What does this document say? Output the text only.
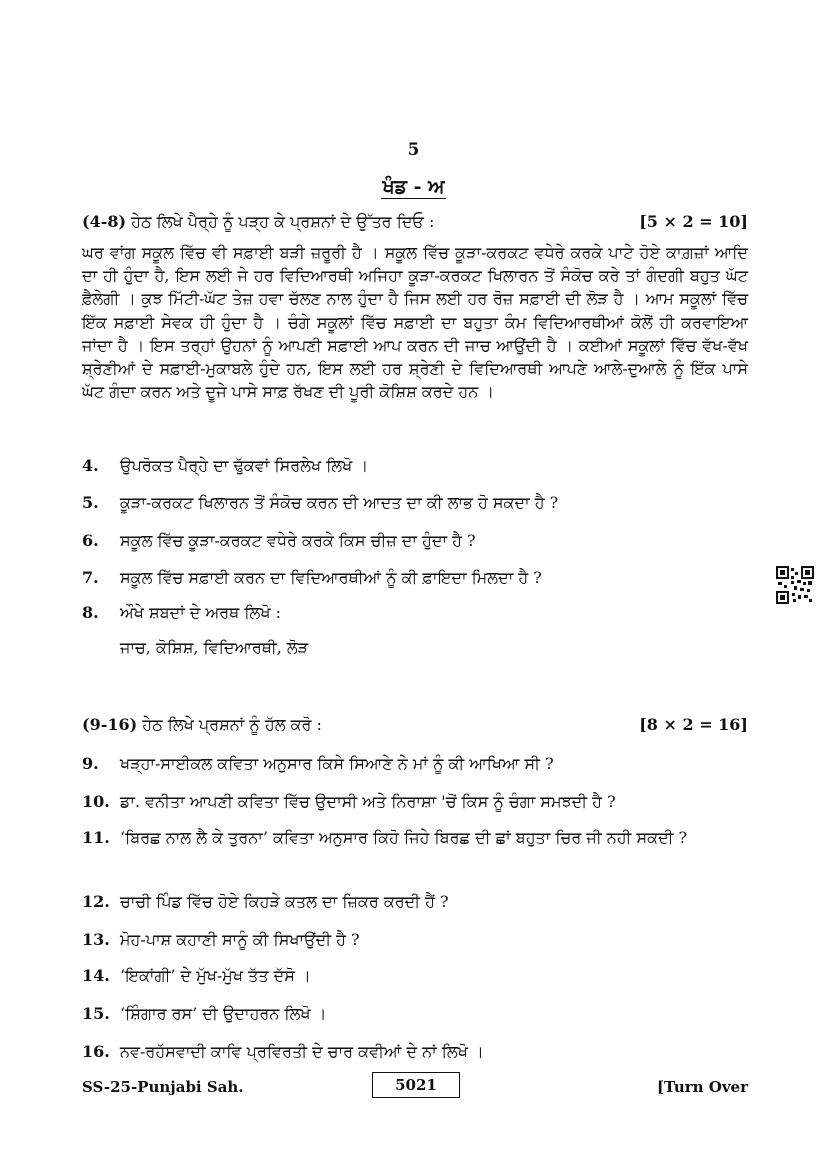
5
ਖੰਡ - ਅ
(4-8) ਹੇਠ ਲਿਖੇ ਪੈਰ੍ਹੇ ਨੂੰ ਪੜ੍ਹ ਕੇ ਪ੍ਰਸ਼ਨਾਂ ਦੇ ਉੱਤਰ ਦਿਓ :	[5 × 2 = 10]
ਘਰ ਵਾਂਗ ਸਕੂਲ ਵਿੱਚ ਵੀ ਸਫ਼ਾਈ ਬੜੀ ਜ਼ਰੂਰੀ ਹੈ । ਸਕੂਲ ਵਿੱਚ ਕੂੜਾ-ਕਰਕਟ ਵਧੇਰੇ ਕਰਕੇ ਪਾਟੇ ਹੋਏ ਕਾਗ਼ਜ਼ਾਂ ਆਦਿ ਦਾ ਹੀ ਹੁੰਦਾ ਹੈ, ਇਸ ਲਈ ਜੇ ਹਰ ਵਿਦਿਆਰਥੀ ਅਜਿਹਾ ਕੂੜਾ-ਕਰਕਟ ਖਿਲਾਰਨ ਤੋਂ ਸੰਕੋਚ ਕਰੇ ਤਾਂ ਗੰਦਗੀ ਬਹੁਤ ਘੱਟ ਫ਼ੈਲੇਗੀ । ਕੁਝ ਮਿੱਟੀ-ਘੱਟ ਤੇਜ਼ ਹਵਾ ਚੱਲਣ ਨਾਲ ਹੁੰਦਾ ਹੈ ਜਿਸ ਲਈ ਹਰ ਰੋਜ਼ ਸਫ਼ਾਈ ਦੀ ਲੋੜ ਹੈ । ਆਮ ਸਕੂਲਾਂ ਵਿੱਚ ਇੱਕ ਸਫ਼ਾਈ ਸੇਵਕ ਹੀ ਹੁੰਦਾ ਹੈ । ਚੰਗੇ ਸਕੂਲਾਂ ਵਿੱਚ ਸਫ਼ਾਈ ਦਾ ਬਹੁਤਾ ਕੰਮ ਵਿਦਿਆਰਥੀਆਂ ਕੋਲੋਂ ਹੀ ਕਰਵਾਇਆ ਜਾਂਦਾ ਹੈ । ਇਸ ਤਰ੍ਹਾਂ ਉਹਨਾਂ ਨੂੰ ਆਪਣੀ ਸਫ਼ਾਈ ਆਪ ਕਰਨ ਦੀ ਜਾਚ ਆਉਂਦੀ ਹੈ । ਕਈਆਂ ਸਕੂਲਾਂ ਵਿੱਚ ਵੱਖ-ਵੱਖ ਸ਼੍ਰੇਣੀਆਂ ਦੇ ਸਫ਼ਾਈ-ਮੁਕਾਬਲੇ ਹੁੰਦੇ ਹਨ, ਇਸ ਲਈ ਹਰ ਸ਼੍ਰੇਣੀ ਦੇ ਵਿਦਿਆਰਥੀ ਆਪਣੇ ਆਲੇ-ਦੁਆਲੇ ਨੂੰ ਇੱਕ ਪਾਸੇ ਘੱਟ ਗੰਦਾ ਕਰਨ ਅਤੇ ਦੂਜੇ ਪਾਸੇ ਸਾਫ਼ ਰੱਖਣ ਦੀ ਪੂਰੀ ਕੋਸ਼ਿਸ਼ ਕਰਦੇ ਹਨ ।
4.	ਉਪਰੋਕਤ ਪੈਰ੍ਹੇ ਦਾ ਢੁੱਕਵਾਂ ਸਿਰਲੇਖ ਲਿਖੋ ।
5.	ਕੂੜਾ-ਕਰਕਟ ਖਿਲਾਰਨ ਤੋਂ ਸੰਕੋਚ ਕਰਨ ਦੀ ਆਦਤ ਦਾ ਕੀ ਲਾਭ ਹੋ ਸਕਦਾ ਹੈ ?
6.	ਸਕੂਲ ਵਿੱਚ ਕੂੜਾ-ਕਰਕਟ ਵਧੇਰੇ ਕਰਕੇ ਕਿਸ ਚੀਜ਼ ਦਾ ਹੁੰਦਾ ਹੈ ?
7.	ਸਕੂਲ ਵਿੱਚ ਸਫ਼ਾਈ ਕਰਨ ਦਾ ਵਿਦਿਆਰਥੀਆਂ ਨੂੰ ਕੀ ਫ਼ਾਇਦਾ ਮਿਲਦਾ ਹੈ ?
8.	ਔਖੇ ਸ਼ਬਦਾਂ ਦੇ ਅਰਥ ਲਿਖੋ :
ਜਾਚ, ਕੋਸ਼ਿਸ਼, ਵਿਦਿਆਰਥੀ, ਲੋੜ
(9-16) ਹੇਠ ਲਿਖੇ ਪ੍ਰਸ਼ਨਾਂ ਨੂੰ ਹੱਲ ਕਰੋ :	[8 × 2 = 16]
9.	ਖੜ੍ਹਾ-ਸਾਈਕਲ ਕਵਿਤਾ ਅਨੁਸਾਰ ਕਿਸੇ ਸਿਆਣੇ ਨੇ ਮਾਂ ਨੂੰ ਕੀ ਆਖਿਆ ਸੀ ?
10. ਡਾ. ਵਨੀਤਾ ਆਪਣੀ ਕਵਿਤਾ ਵਿੱਚ ਉਦਾਸੀ ਅਤੇ ਨਿਰਾਸ਼ਾ 'ਚੋਂ ਕਿਸ ਨੂੰ ਚੰਗਾ ਸਮਝਦੀ ਹੈ ?
11. ‘ਬਿਰਛ ਨਾਲ ਲੈ ਕੇ ਤੁਰਨਾ’ ਕਵਿਤਾ ਅਨੁਸਾਰ ਕਿਹੋ ਜਿਹੇ ਬਿਰਛ ਦੀ ਛਾਂ ਬਹੁਤਾ ਚਿਰ ਜੀ ਨਹੀ ਸਕਦੀ ?
12. ਚਾਚੀ ਪਿੰਡ ਵਿੱਚ ਹੋਏ ਕਿਹੜੇ ਕਤਲ ਦਾ ਜ਼ਿਕਰ ਕਰਦੀ ਹੈਂ ?
13. ਮੋਹ-ਪਾਸ਼ ਕਹਾਣੀ ਸਾਨੂੰ ਕੀ ਸਿਖਾਉਂਦੀ ਹੈ ?
14. ‘ਇਕਾਂਗੀ’ ਦੇ ਮੁੱਖ-ਮੁੱਖ ਤੱਤ ਦੱਸੋ ।
15. ‘ਸ਼ਿੰਗਾਰ ਰਸ’ ਦੀ ਉਦਾਹਰਨ ਲਿਖੋ ।
16. ਨਵ-ਰਹੱਸਵਾਦੀ ਕਾਵਿ ਪ੍ਰਵਿਰਤੀ ਦੇ ਚਾਰ ਕਵੀਆਂ ਦੇ ਨਾਂ ਲਿਖੋ ।
SS-25-Punjabi Sah.	5021	[Turn Over
